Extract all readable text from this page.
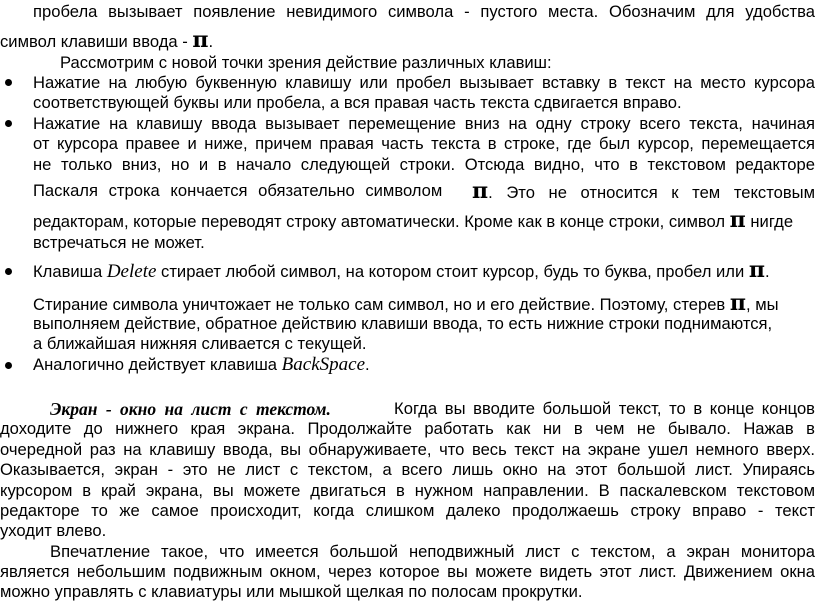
пробела вызывает появление невидимого символа - пустого места. Обозначим для удобства

символ клавиши ввода - π.

Рассмотрим с новой точки зрения действие различных клавиш:

Нажатие на любую буквенную клавишу или пробел вызывает вставку в текст на место курсора

соответствующей буквы или пробела, а вся правая часть текста сдвигается вправо.

Нажатие на клавишу ввода вызывает перемещение вниз на одну строку всего текста, начиная

от курсора правее и ниже, причем правая часть текста в строке, где был курсор, перемещается

не только вниз, но и в начало следующей строки. Отсюда видно, что в текстовом редакторе

Паскаля строка кончается обязательно символом π. Это не относится к тем текстовым

редакторам, которые переводят строку автоматически. Кроме как в конце строки, символ π нигде

встречаться не может.

Клавиша Delete стирает любой символ, на котором стоит курсор, будь то буква, пробел или π.

Стирание символа уничтожает не только сам символ, но и его действие. Поэтому, стерев π, мы

выполняем действие, обратное действию клавиши ввода, то есть нижние строки поднимаются,

а ближайшая нижняя сливается с текущей.

Аналогично действует клавиша BackSpace.

Экран - окно на лист с текстом.	Когда вы вводите большой текст, то в конце концов

доходите до нижнего края экрана. Продолжайте работать как ни в чем не бывало. Нажав в

очередной раз на клавишу ввода, вы обнаруживаете, что весь текст на экране ушел немного вверх.

Оказывается, экран - это не лист с текстом, а всего лишь окно на этот большой лист. Упираясь

курсором в край экрана, вы можете двигаться в нужном направлении. В паскалевском текстовом

редакторе то же самое происходит, когда слишком далеко продолжаешь строку вправо - текст

уходит влево.

Впечатление такое, что имеется большой неподвижный лист с текстом, а экран монитора

является небольшим подвижным окном, через которое вы можете видеть этот лист. Движением окна

можно управлять с клавиатуры или мышкой щелкая по полосам прокрутки.
